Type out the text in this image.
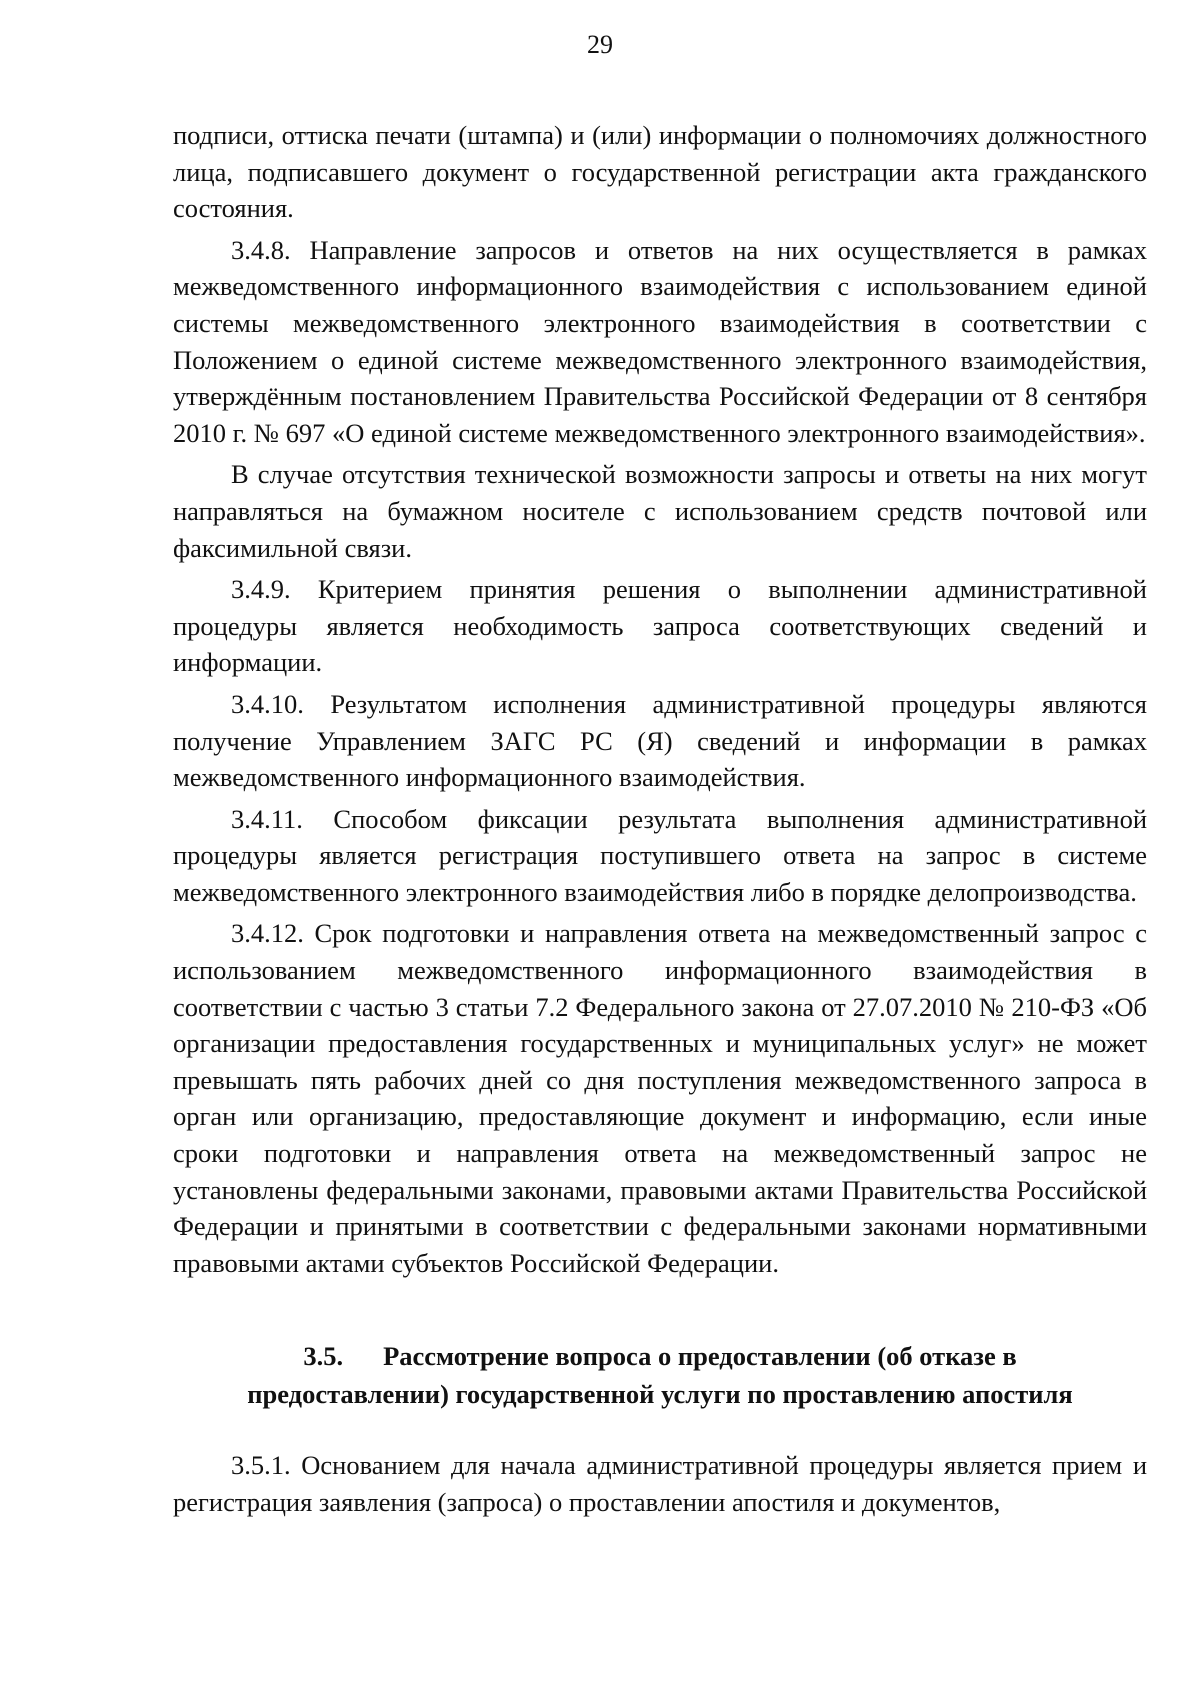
29

подписи, оттиска печати (штампа) и (или) информации о полномочиях должностного лица, подписавшего документ о государственной регистрации акта гражданского состояния.

3.4.8. Направление запросов и ответов на них осуществляется в рамках межведомственного информационного взаимодействия с использованием единой системы межведомственного электронного взаимодействия в соответствии с Положением о единой системе межведомственного электронного взаимодействия, утверждённым постановлением Правительства Российской Федерации от 8 сентября 2010 г. № 697 «О единой системе межведомственного электронного взаимодействия».

В случае отсутствия технической возможности запросы и ответы на них могут направляться на бумажном носителе с использованием средств почтовой или факсимильной связи.

3.4.9. Критерием принятия решения о выполнении административной процедуры является необходимость запроса соответствующих сведений и информации.

3.4.10. Результатом исполнения административной процедуры являются получение Управлением ЗАГС РС (Я) сведений и информации в рамках межведомственного информационного взаимодействия.

3.4.11. Способом фиксации результата выполнения административной процедуры является регистрация поступившего ответа на запрос в системе межведомственного электронного взаимодействия либо в порядке делопроизводства.

3.4.12. Срок подготовки и направления ответа на межведомственный запрос с использованием межведомственного информационного взаимодействия в соответствии с частью 3 статьи 7.2 Федерального закона от 27.07.2010 № 210-ФЗ «Об организации предоставления государственных и муниципальных услуг» не может превышать пять рабочих дней со дня поступления межведомственного запроса в орган или организацию, предоставляющие документ и информацию, если иные сроки подготовки и направления ответа на межведомственный запрос не установлены федеральными законами, правовыми актами Правительства Российской Федерации и принятыми в соответствии с федеральными законами нормативными правовыми актами субъектов Российской Федерации.

3.5. Рассмотрение вопроса о предоставлении (об отказе в
предоставлении) государственной услуги по проставлению апостиля

3.5.1. Основанием для начала административной процедуры является прием и регистрация заявления (запроса) о проставлении апостиля и документов,
